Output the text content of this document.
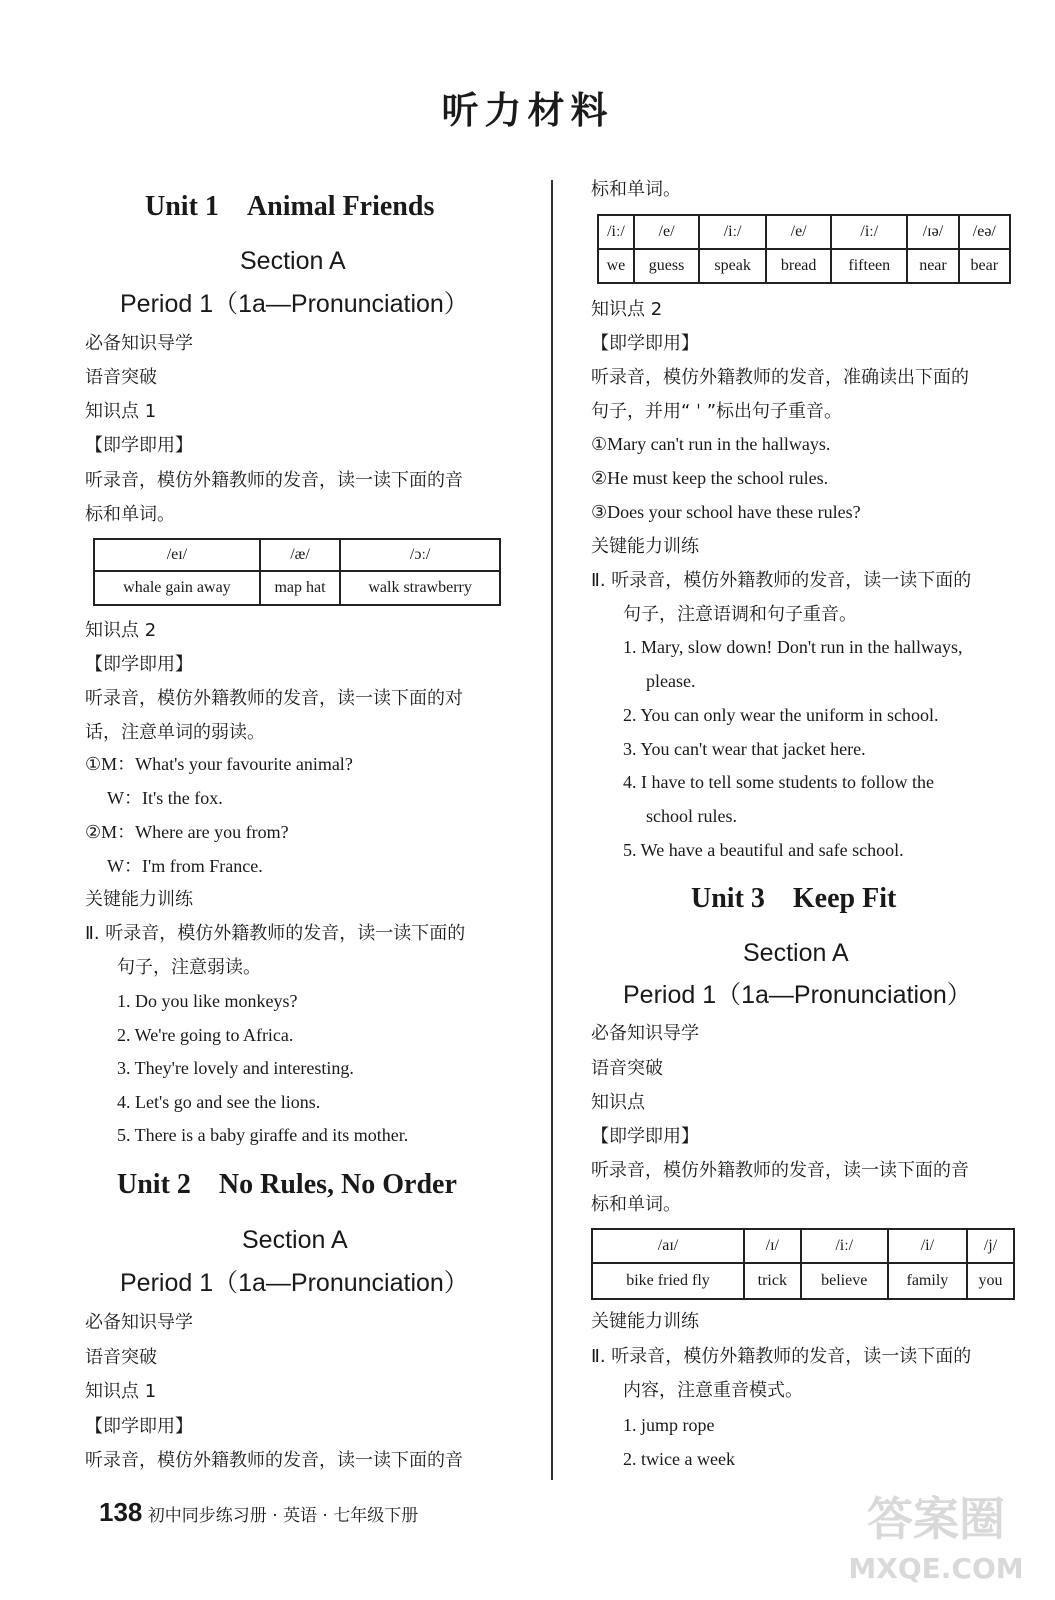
听力材料
Unit 1　Animal Friends
Section A
Period 1（1a—Pronunciation）
必备知识导学
语音突破
知识点 1
【即学即用】
听录音，模仿外籍教师的发音，读一读下面的音
标和单词。
/eɪ/	/æ/	/ɔː/
whale gain away	map hat	walk strawberry
知识点 2
【即学即用】
听录音，模仿外籍教师的发音，读一读下面的对
话，注意单词的弱读。
①M：What's your favourite animal?
W：It's the fox.
②M：Where are you from?
W：I'm from France.
关键能力训练
Ⅱ. 听录音，模仿外籍教师的发音，读一读下面的
句子，注意弱读。
1. Do you like monkeys?
2. We're going to Africa.
3. They're lovely and interesting.
4. Let's go and see the lions.
5. There is a baby giraffe and its mother.
Unit 2　No Rules, No Order
Section A
Period 1（1a—Pronunciation）
必备知识导学
语音突破
知识点 1
【即学即用】
听录音，模仿外籍教师的发音，读一读下面的音
标和单词。
/iː/	/e/	/iː/	/e/	/iː/	/ɪə/	/eə/
we	guess	speak	bread	fifteen	near	bear
知识点 2
【即学即用】
听录音，模仿外籍教师的发音，准确读出下面的
句子，并用“ ˈ ”标出句子重音。
①Mary can't run in the hallways.
②He must keep the school rules.
③Does your school have these rules?
关键能力训练
Ⅱ. 听录音，模仿外籍教师的发音，读一读下面的
句子，注意语调和句子重音。
1. Mary, slow down! Don't run in the hallways,
please.
2. You can only wear the uniform in school.
3. You can't wear that jacket here.
4. I have to tell some students to follow the
school rules.
5. We have a beautiful and safe school.
Unit 3　Keep Fit
Section A
Period 1（1a—Pronunciation）
必备知识导学
语音突破
知识点
【即学即用】
听录音，模仿外籍教师的发音，读一读下面的音
标和单词。
/aɪ/	/ɪ/	/iː/	/i/	/j/
bike fried fly	trick	believe	family	you
关键能力训练
Ⅱ. 听录音，模仿外籍教师的发音，读一读下面的
内容，注意重音模式。
1. jump rope
2. twice a week
138 初中同步练习册 · 英语 · 七年级下册	答案圈
MXQE.COM
